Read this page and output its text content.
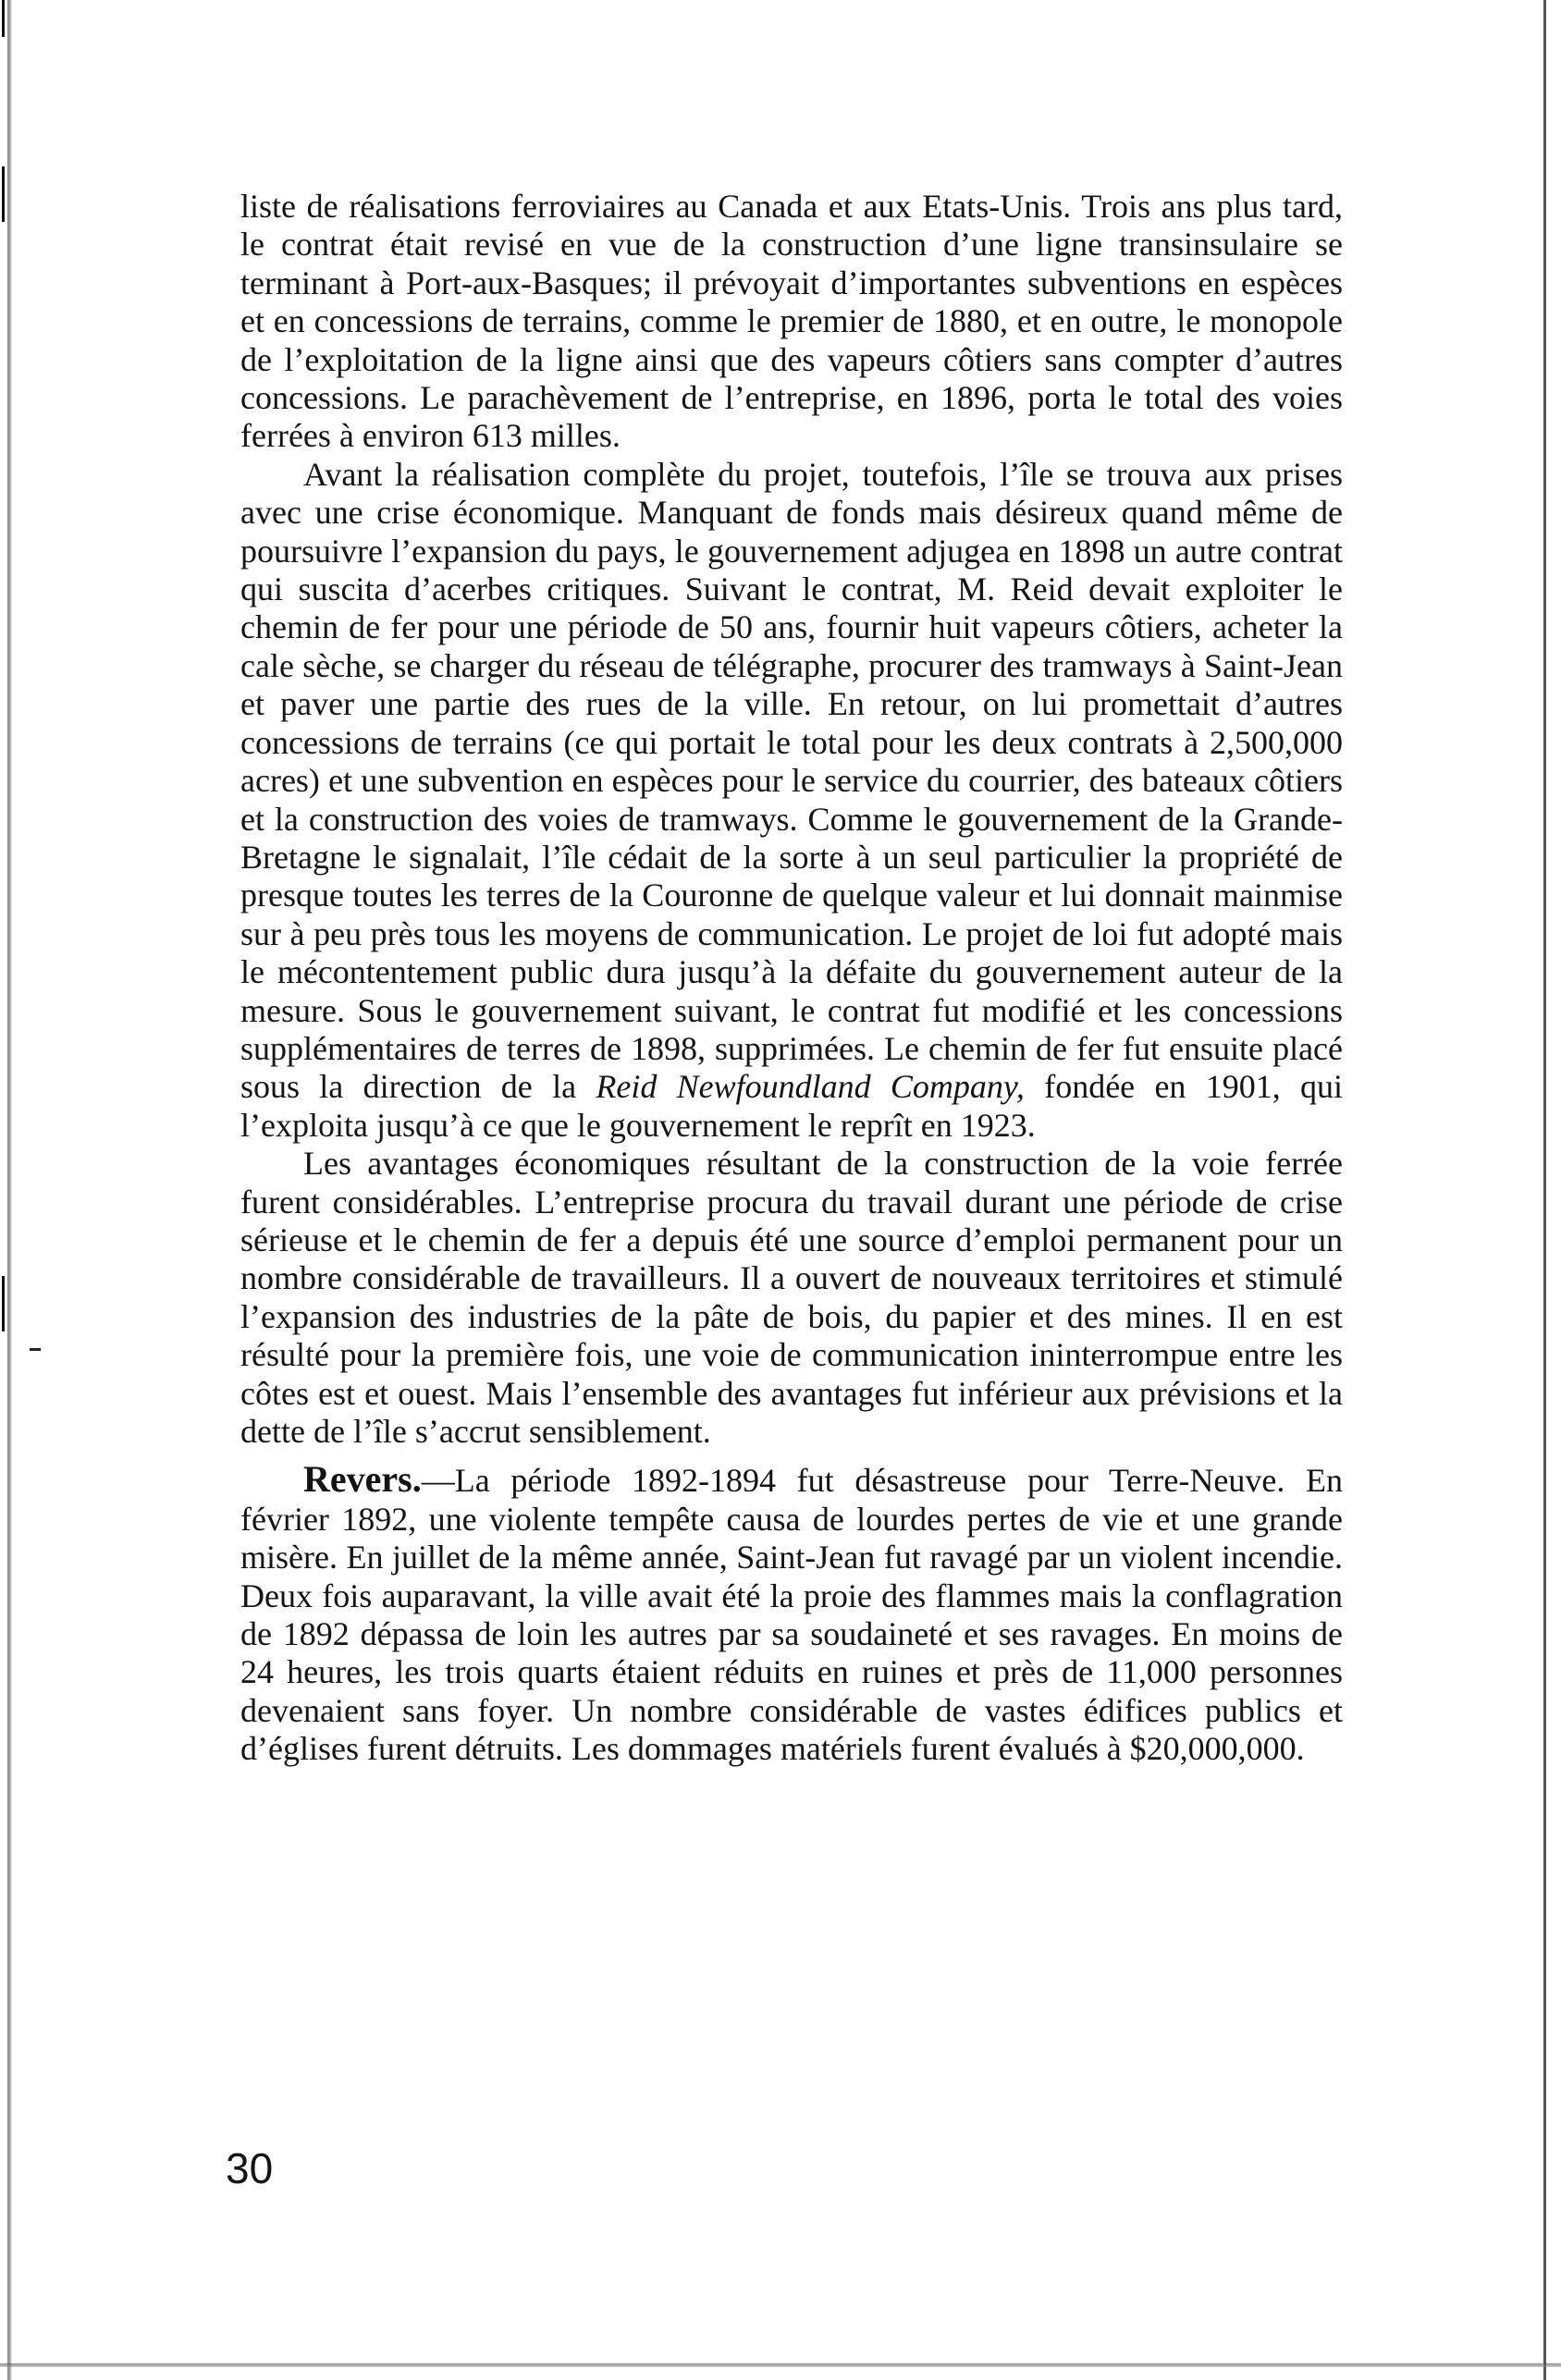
liste de réalisations ferroviaires au Canada et aux Etats-Unis. Trois ans plus tard, le contrat était revisé en vue de la construction d’une ligne transinsulaire se terminant à Port-aux-Basques; il prévoyait d’importantes subventions en espèces et en concessions de terrains, comme le premier de 1880, et en outre, le monopole de l’exploitation de la ligne ainsi que des vapeurs côtiers sans compter d’autres concessions. Le parachèvement de l’entreprise, en 1896, porta le total des voies ferrées à environ 613 milles.

Avant la réalisation complète du projet, toutefois, l’île se trouva aux prises avec une crise économique. Manquant de fonds mais désireux quand même de poursuivre l’expansion du pays, le gouvernement adjugea en 1898 un autre contrat qui suscita d’acerbes critiques. Suivant le contrat, M. Reid devait exploiter le chemin de fer pour une période de 50 ans, fournir huit vapeurs côtiers, acheter la cale sèche, se charger du réseau de télégraphe, procurer des tramways à Saint-Jean et paver une partie des rues de la ville. En retour, on lui promettait d’autres concessions de terrains (ce qui portait le total pour les deux contrats à 2,500,000 acres) et une subvention en espèces pour le service du courrier, des bateaux côtiers et la construction des voies de tramways. Comme le gouvernement de la Grande-Bretagne le signalait, l’île cédait de la sorte à un seul particulier la propriété de presque toutes les terres de la Couronne de quelque valeur et lui donnait mainmise sur à peu près tous les moyens de communication. Le projet de loi fut adopté mais le mécontentement public dura jusqu’à la défaite du gouvernement auteur de la mesure. Sous le gouvernement suivant, le contrat fut modifié et les concessions supplémentaires de terres de 1898, supprimées. Le chemin de fer fut ensuite placé sous la direction de la Reid Newfoundland Company, fondée en 1901, qui l’exploita jusqu’à ce que le gouvernement le reprît en 1923.

Les avantages économiques résultant de la construction de la voie ferrée furent considérables. L’entreprise procura du travail durant une période de crise sérieuse et le chemin de fer a depuis été une source d’emploi permanent pour un nombre considérable de travailleurs. Il a ouvert de nouveaux territoires et stimulé l’expansion des industries de la pâte de bois, du papier et des mines. Il en est résulté pour la première fois, une voie de communication ininterrompue entre les côtes est et ouest. Mais l’ensemble des avantages fut inférieur aux prévisions et la dette de l’île s’accrut sensiblement.

Revers.—La période 1892-1894 fut désastreuse pour Terre-Neuve. En février 1892, une violente tempête causa de lourdes pertes de vie et une grande misère. En juillet de la même année, Saint-Jean fut ravagé par un violent incendie. Deux fois auparavant, la ville avait été la proie des flammes mais la conflagration de 1892 dépassa de loin les autres par sa soudaineté et ses ravages. En moins de 24 heures, les trois quarts étaient réduits en ruines et près de 11,000 personnes devenaient sans foyer. Un nombre considérable de vastes édifices publics et d’églises furent détruits. Les dommages matériels furent évalués à $20,000,000.

30
